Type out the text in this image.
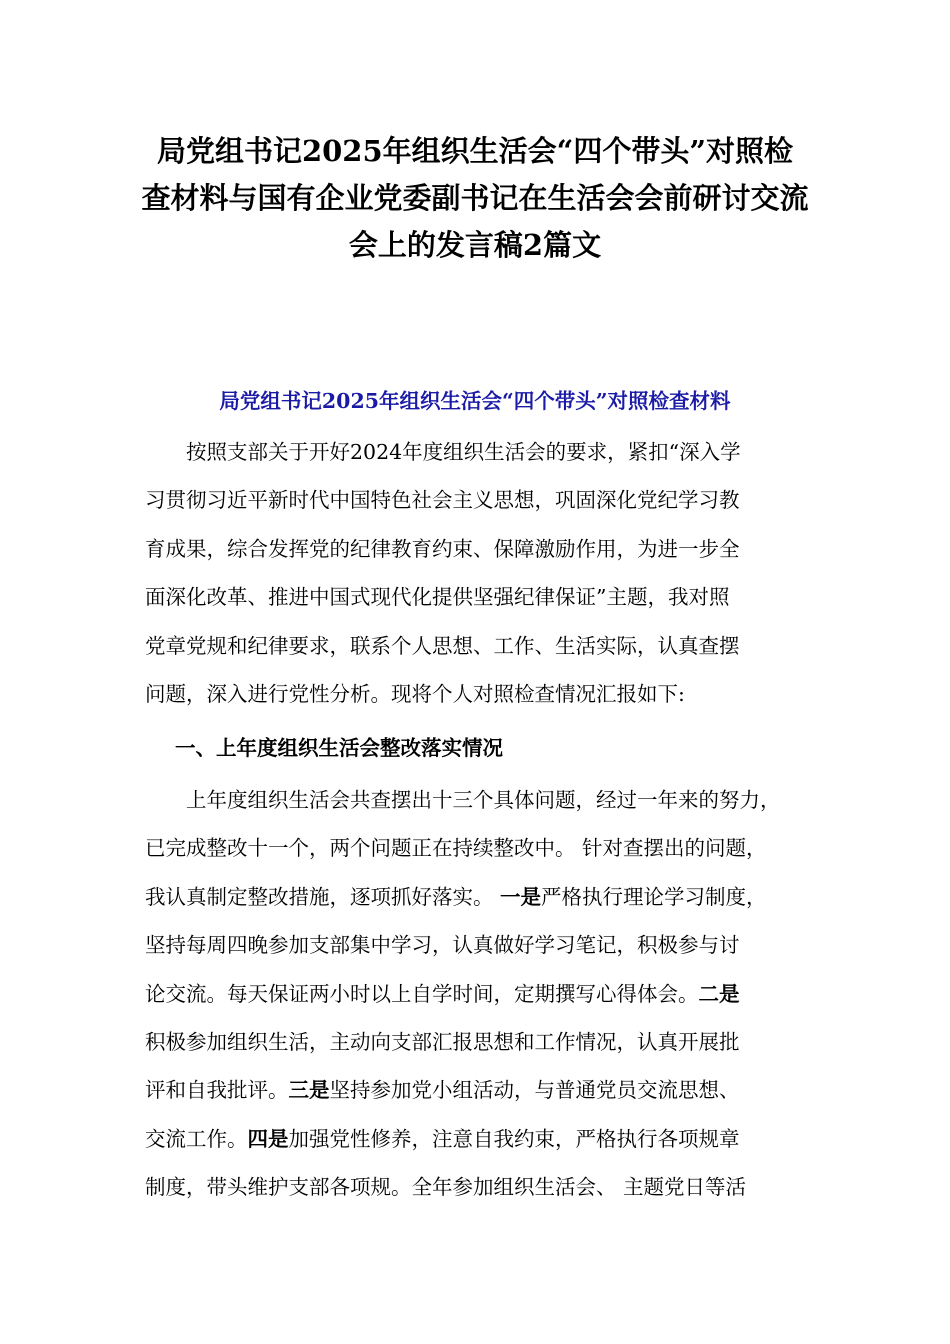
局党组书记2025年组织生活会“四个带头”对照检
查材料与国有企业党委副书记在生活会会前研讨交流
会上的发言稿2篇文
局党组书记2025年组织生活会“四个带头”对照检查材料
　　按照支部关于开好2024年度组织生活会的要求，紧扣“深入学
习贯彻习近平新时代中国特色社会主义思想，巩固深化党纪学习教
育成果，综合发挥党的纪律教育约束、保障激励作用，为进一步全
面深化改革、推进中国式现代化提供坚强纪律保证”主题，我对照
党章党规和纪律要求，联系个人思想、工作、生活实际，认真查摆
问题，深入进行党性分析。现将个人对照检查情况汇报如下:
一、上年度组织生活会整改落实情况
　　上年度组织生活会共查摆出十三个具体问题，经过一年来的努力，
已完成整改十一个，两个问题正在持续整改中。 针对查摆出的问题，
我认真制定整改措施，逐项抓好落实。 一是严格执行理论学习制度，
坚持每周四晚参加支部集中学习，认真做好学习笔记，积极参与讨
论交流。每天保证两小时以上自学时间，定期撰写心得体会。二是
积极参加组织生活，主动向支部汇报思想和工作情况，认真开展批
评和自我批评。三是坚持参加党小组活动，与普通党员交流思想、
交流工作。四是加强党性修养，注意自我约束，严格执行各项规章
制度，带头维护支部各项规。全年参加组织生活会、 主题党日等活
